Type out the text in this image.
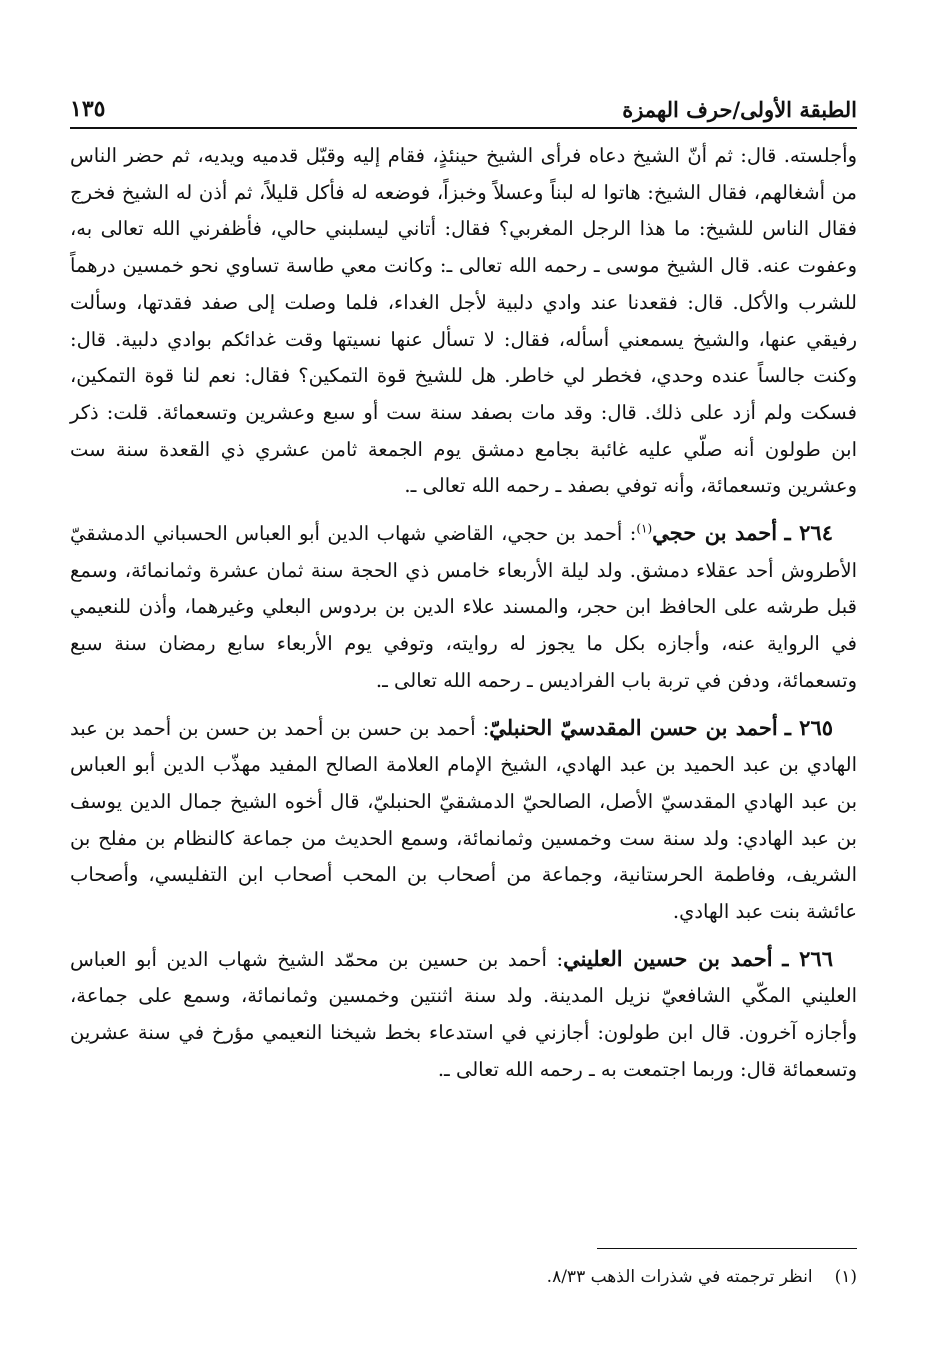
الطبقة الأولى/حرف الهمزة
١٣٥

وأجلسته. قال: ثم أنّ الشيخ دعاه فرأى الشيخ حينئذٍ، فقام إليه وقبّل قدميه ويديه، ثم حضر الناس من أشغالهم، فقال الشيخ: هاتوا له لبناً وعسلاً وخبزاً، فوضعه له فأكل قليلاً، ثم أذن له الشيخ فخرج فقال الناس للشيخ: ما هذا الرجل المغربي؟ فقال: أتاني ليسلبني حالي، فأظفرني الله تعالى به، وعفوت عنه. قال الشيخ موسى ـ رحمه الله تعالى ـ: وكانت معي طاسة تساوي نحو خمسين درهماً للشرب والأكل. قال: فقعدنا عند وادي دلبية لأجل الغداء، فلما وصلت إلى صفد فقدتها، وسألت رفيقي عنها، والشيخ يسمعني أسأله، فقال: لا تسأل عنها نسيتها وقت غدائكم بوادي دلبية. قال: وكنت جالساً عنده وحدي، فخطر لي خاطر. هل للشيخ قوة التمكين؟ فقال: نعم لنا قوة التمكين، فسكت ولم أزد على ذلك. قال: وقد مات بصفد سنة ست أو سبع وعشرين وتسعمائة. قلت: ذكر ابن طولون أنه صلّي عليه غائبة بجامع دمشق يوم الجمعة ثامن عشري ذي القعدة سنة ست وعشرين وتسعمائة، وأنه توفي بصفد ـ رحمه الله تعالى ـ.

٢٦٤ ـ أحمد بن حجي$^{(١)}$: أحمد بن حجي، القاضي شهاب الدين أبو العباس الحسباني الدمشقيّ الأطروش أحد عقلاء دمشق. ولد ليلة الأربعاء خامس ذي الحجة سنة ثمان عشرة وثمانمائة، وسمع قبل طرشه على الحافظ ابن حجر، والمسند علاء الدين بن بردوس البعلي وغيرهما، وأذن للنعيمي في الرواية عنه، وأجازه بكل ما يجوز له روايته، وتوفي يوم الأربعاء سابع رمضان سنة سبع وتسعمائة، ودفن في تربة باب الفراديس ـ رحمه الله تعالى ـ.

٢٦٥ ـ أحمد بن حسن المقدسيّ الحنبليّ: أحمد بن حسن بن أحمد بن حسن بن أحمد بن عبد الهادي بن عبد الحميد بن عبد الهادي، الشيخ الإمام العلامة الصالح المفيد مهذّب الدين أبو العباس بن عبد الهادي المقدسيّ الأصل، الصالحيّ الدمشقيّ الحنبليّ، قال أخوه الشيخ جمال الدين يوسف بن عبد الهادي: ولد سنة ست وخمسين وثمانمائة، وسمع الحديث من جماعة كالنظام بن مفلح بن الشريف، وفاطمة الحرستانية، وجماعة من أصحاب بن المحب أصحاب ابن التفليسي، وأصحاب عائشة بنت عبد الهادي.

٢٦٦ ـ أحمد بن حسين العليني: أحمد بن حسين بن محمّد الشيخ شهاب الدين أبو العباس العليني المكّي الشافعيّ نزيل المدينة. ولد سنة اثنتين وخمسين وثمانمائة، وسمع على جماعة، وأجازه آخرون. قال ابن طولون: أجازني في استدعاء بخط شيخنا النعيمي مؤرخ في سنة عشرين وتسعمائة قال: وربما اجتمعت به ـ رحمه الله تعالى ـ.

(١)انظر ترجمته في شذرات الذهب ٨/٣٣.
